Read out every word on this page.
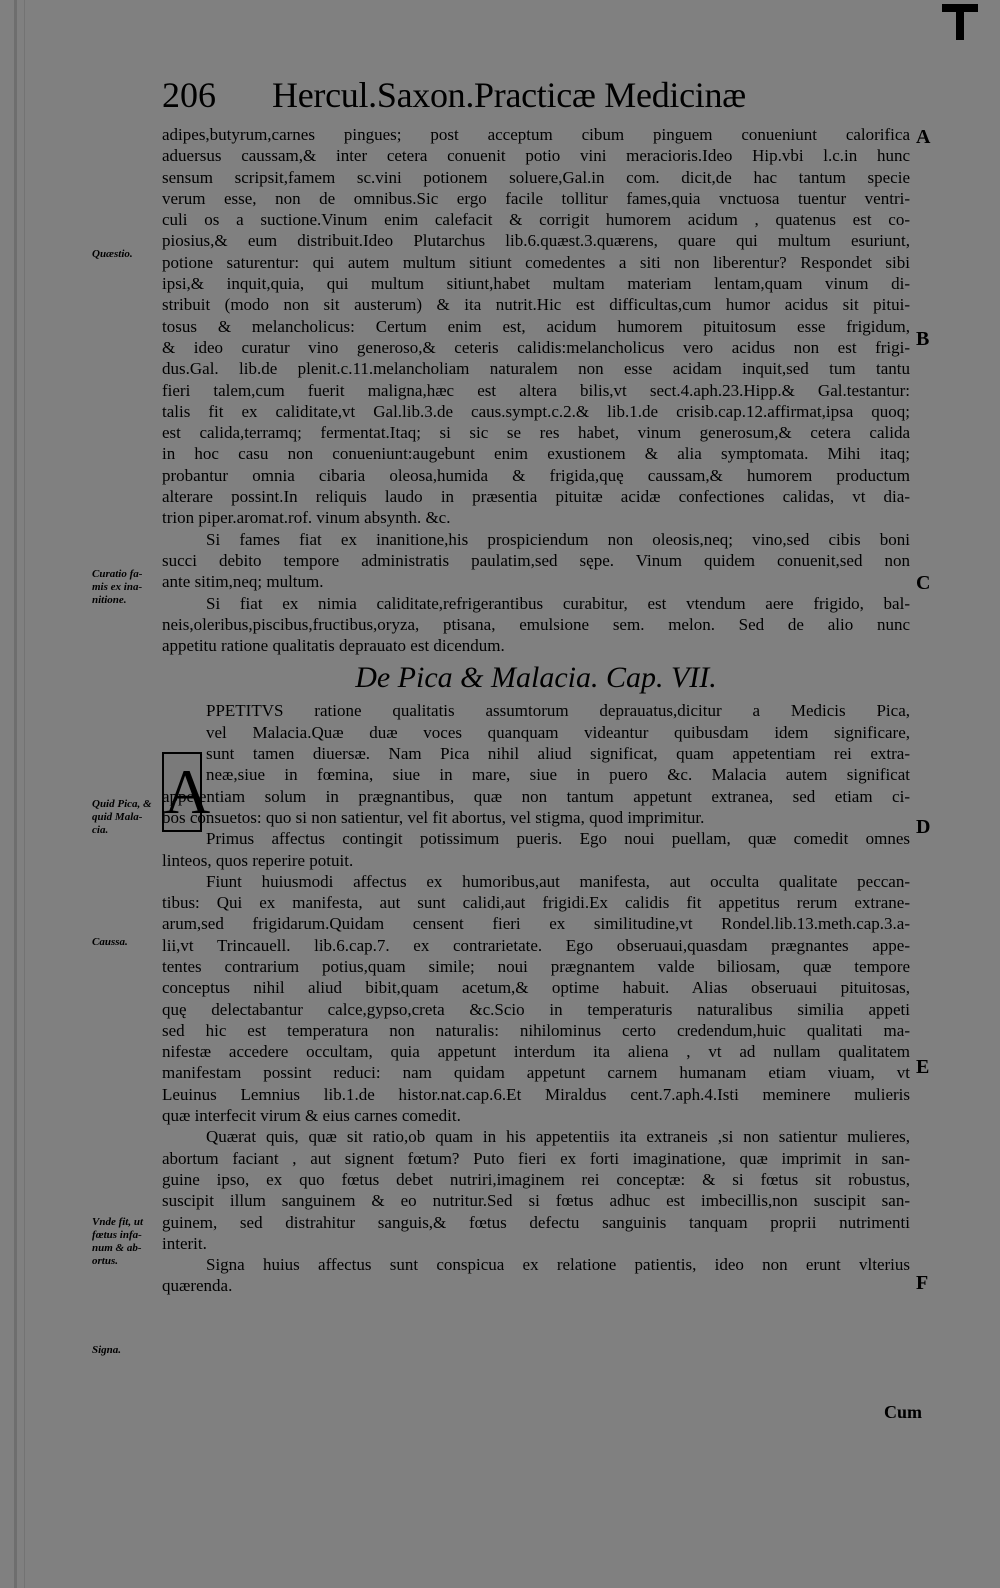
206 Hercul.Saxon.Practicæ Medicinæ
Quæstio.
Curatio fa-mis ex ina-nitione.
Quid Pica, & quid Mala-cia.
Caussa.
Vnde fit, ut fœtus infa-num & ab-ortus.
Signa.
A
B
C
D
E
F
A
adipes,butyrum,carnes pingues; post acceptum cibum pinguem conueniunt calorifica
aduersus caussam,& inter cetera conuenit potio vini meracioris.Ideo Hip.vbi l.c.in hunc
sensum scripsit,famem sc.vini potionem soluere,Gal.in com. dicit,de hac tantum specie
verum esse, non de omnibus.Sic ergo facile tollitur fames,quia vnctuosa tuentur ventri-
culi os a suctione.Vinum enim calefacit & corrigit humorem acidum , quatenus est co-
piosius,& eum distribuit.Ideo Plutarchus lib.6.quæst.3.quærens, quare qui multum esuriunt,
potione saturentur: qui autem multum sitiunt comedentes a siti non liberentur? Respondet sibi
ipsi,& inquit,quia, qui multum sitiunt,habet multam materiam lentam,quam vinum di-
stribuit (modo non sit austerum) & ita nutrit.Hic est difficultas,cum humor acidus sit pitui-
tosus & melancholicus: Certum enim est, acidum humorem pituitosum esse frigidum,
& ideo curatur vino generoso,& ceteris calidis:melancholicus vero acidus non est frigi-
dus.Gal. lib.de plenit.c.11.melancholiam naturalem non esse acidam inquit,sed tum tantu
fieri talem,cum fuerit maligna,hæc est altera bilis,vt sect.4.aph.23.Hipp.& Gal.testantur:
talis fit ex caliditate,vt Gal.lib.3.de caus.sympt.c.2.& lib.1.de crisib.cap.12.affirmat,ipsa quoq;
est calida,terramq; fermentat.Itaq; si sic se res habet, vinum generosum,& cetera calida
in hoc casu non conueniunt:augebunt enim exustionem & alia symptomata. Mihi itaq;
probantur omnia cibaria oleosa,humida & frigida,quę caussam,& humorem productum
alterare possint.In reliquis laudo in præsentia pituitæ acidæ confectiones calidas, vt dia-
trion piper.aromat.rof. vinum absynth. &c.
Si fames fiat ex inanitione,his prospiciendum non oleosis,neq; vino,sed cibis boni
succi debito tempore administratis paulatim,sed sępe. Vinum quidem conuenit,sed non
ante sitim,neq; multum.
Si fiat ex nimia caliditate,refrigerantibus curabitur, est vtendum aere frigido, bal-
neis,oleribus,piscibus,fructibus,oryza, ptisana, emulsione sem. melon. Sed de alio nunc
appetitu ratione qualitatis deprauato est dicendum.
De Pica & Malacia. Cap. VII.
PPETITVS ratione qualitatis assumtorum deprauatus,dicitur a Medicis Pica,
vel Malacia.Quæ duæ voces quanquam videantur quibusdam idem significare,
sunt tamen diuersæ. Nam Pica nihil aliud significat, quam appetentiam rei extra-
neæ,siue in fœmina, siue in mare, siue in puero &c. Malacia autem significat
appetentiam solum in prægnantibus, quæ non tantum appetunt extranea, sed etiam ci-
bos consuetos: quo si non satientur, vel fit abortus, vel stigma, quod imprimitur.
Primus affectus contingit potissimum pueris. Ego noui puellam, quæ comedit omnes
linteos, quos reperire potuit.
Fiunt huiusmodi affectus ex humoribus,aut manifesta, aut occulta qualitate peccan-
tibus: Qui ex manifesta, aut sunt calidi,aut frigidi.Ex calidis fit appetitus rerum extrane-
arum,sed frigidarum.Quidam censent fieri ex similitudine,vt Rondel.lib.13.meth.cap.3.a-
lii,vt Trincauell. lib.6.cap.7. ex contrarietate. Ego obseruaui,quasdam prægnantes appe-
tentes contrarium potius,quam simile; noui prægnantem valde biliosam, quæ tempore
conceptus nihil aliud bibit,quam acetum,& optime habuit. Alias obseruaui pituitosas,
quę delectabantur calce,gypso,creta &c.Scio in temperaturis naturalibus similia appeti
sed hic est temperatura non naturalis: nihilominus certo credendum,huic qualitati ma-
nifestæ accedere occultam, quia appetunt interdum ita aliena , vt ad nullam qualitatem
manifestam possint reduci: nam quidam appetunt carnem humanam etiam viuam, vt
Leuinus Lemnius lib.1.de histor.nat.cap.6.Et Miraldus cent.7.aph.4.Isti meminere mulieris
quæ interfecit virum & eius carnes comedit.
Quærat quis, quæ sit ratio,ob quam in his appetentiis ita extraneis ,si non satientur mulieres,
abortum faciant , aut signent fœtum? Puto fieri ex forti imaginatione, quæ imprimit in san-
guine ipso, ex quo fœtus debet nutriri,imaginem rei conceptæ: & si fœtus sit robustus,
suscipit illum sanguinem & eo nutritur.Sed si fœtus adhuc est imbecillis,non suscipit san-
guinem, sed distrahitur sanguis,& fœtus defectu sanguinis tanquam proprii nutrimenti
interit.
Signa huius affectus sunt conspicua ex relatione patientis, ideo non erunt vlterius
quærenda.
Cum
